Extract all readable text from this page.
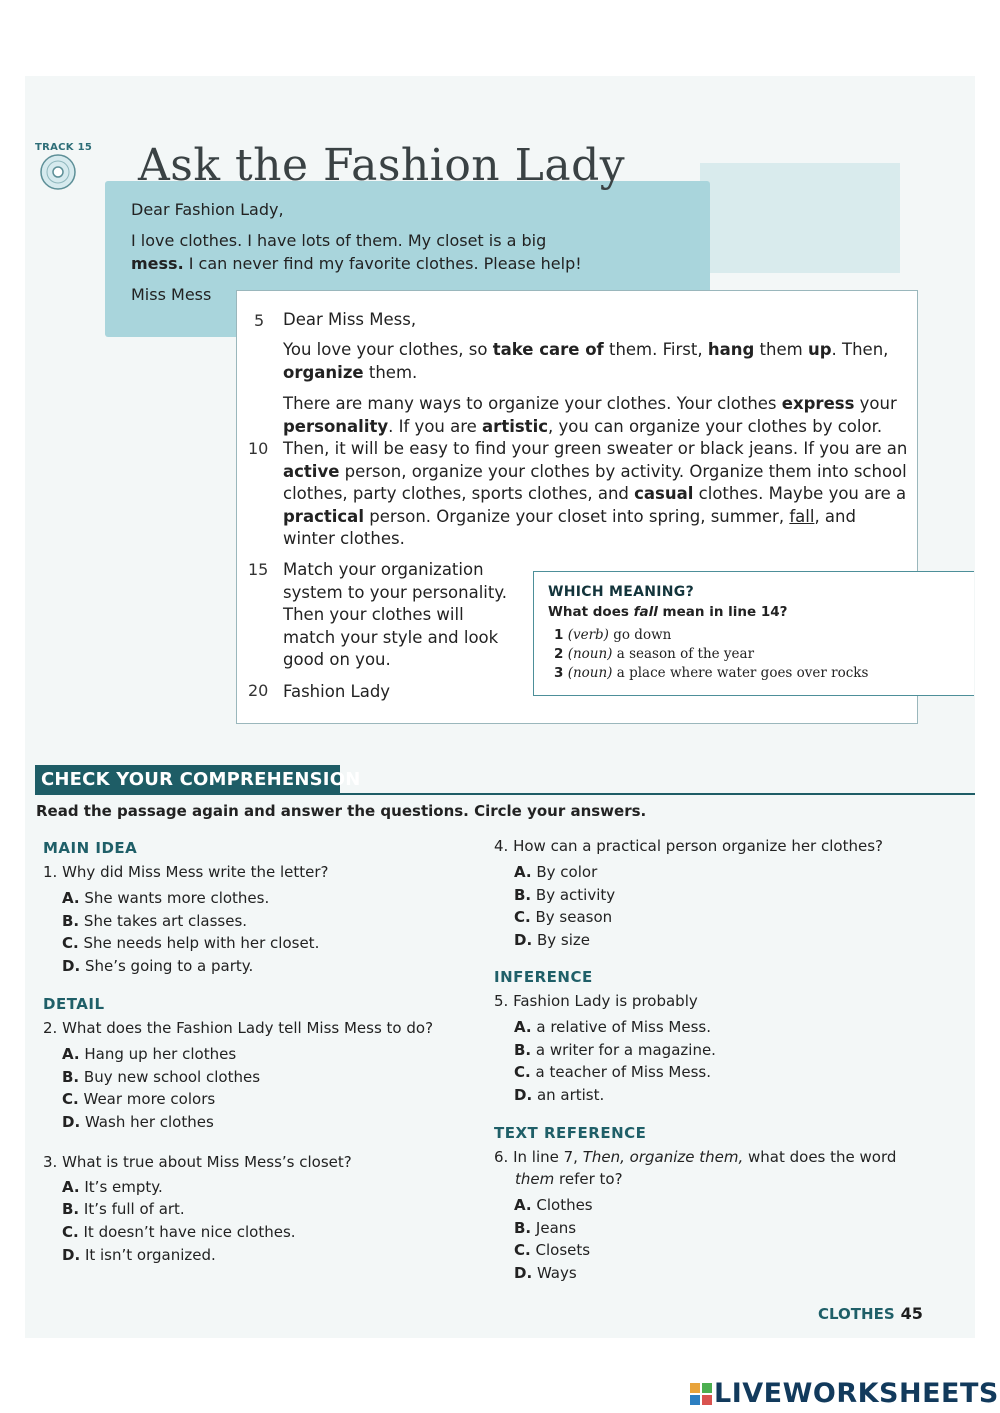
TRACK 15 Ask the Fashion Lady
Dear Fashion Lady,
I love clothes. I have lots of them. My closet is a big
mess. I can never find my favorite clothes. Please help!
Miss Mess
5
10
15
20
Dear Miss Mess,
You love your clothes, so take care of them. First, hang them up. Then, organize them.
There are many ways to organize your clothes. Your clothes express your personality. If you are artistic, you can organize your clothes by color. Then, it will be easy to find your green sweater or black jeans. If you are an active person, organize your clothes by activity. Organize them into school clothes, party clothes, sports clothes, and casual clothes. Maybe you are a practical person. Organize your closet into spring, summer, fall, and winter clothes.
Match your organization
system to your personality.
Then your clothes will
match your style and look
good on you.
Fashion Lady
WHICH MEANING?
What does fall mean in line 14?
1 (verb) go down
2 (noun) a season of the year
3 (noun) a place where water goes over rocks
CHECK YOUR COMPREHENSION
Read the passage again and answer the questions. Circle your answers.
MAIN IDEA
1. Why did Miss Mess write the letter?
A. She wants more clothes.
B. She takes art classes.
C. She needs help with her closet.
D. She’s going to a party.
DETAIL
2. What does the Fashion Lady tell Miss Mess to do?
A. Hang up her clothes
B. Buy new school clothes
C. Wear more colors
D. Wash her clothes
3. What is true about Miss Mess’s closet?
A. It’s empty.
B. It’s full of art.
C. It doesn’t have nice clothes.
D. It isn’t organized.
4. How can a practical person organize her clothes?
A. By color
B. By activity
C. By season
D. By size
INFERENCE
5. Fashion Lady is probably
A. a relative of Miss Mess.
B. a writer for a magazine.
C. a teacher of Miss Mess.
D. an artist.
TEXT REFERENCE
6. In line 7, Then, organize them, what does the word
them refer to?
A. Clothes
B. Jeans
C. Closets
D. Ways
CLOTHES 45
LIVEWORKSHEETS
